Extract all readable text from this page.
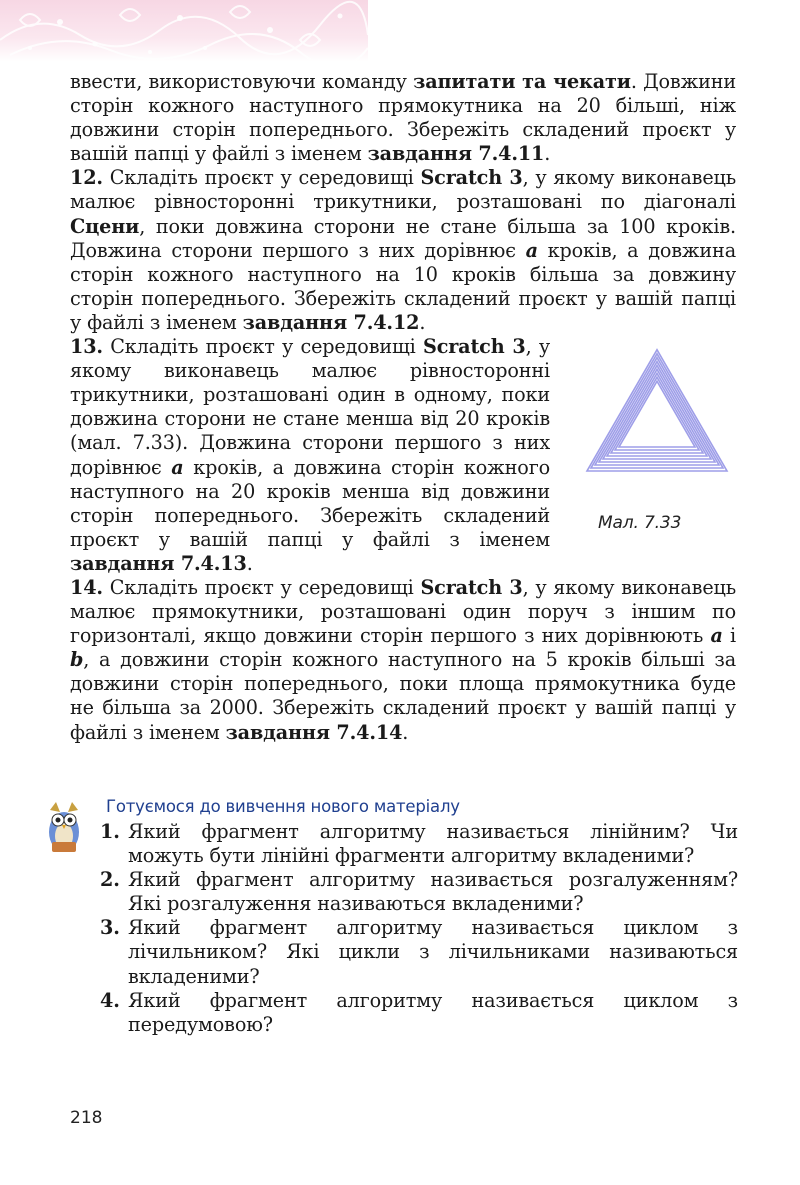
ввести, використовуючи команду запитати та чекати. Довжини сторін кожного наступного прямокутника на 20 більші, ніж довжини сторін попереднього. Збережіть складений проєкт у вашій папці у файлі з іменем завдання 7.4.11.

12. Складіть проєкт у середовищі Scratch 3, у якому виконавець малює рівносторонні трикутники, розташовані по діагоналі Сцени, поки довжина сторони не стане більша за 100 кроків. Довжина сторони першого з них дорівнює a кроків, а довжина сторін кожного наступного на 10 кроків більша за довжину сторін попереднього. Збережіть складений проєкт у вашій папці у файлі з іменем завдання 7.4.12.

Мал. 7.33

13. Складіть проєкт у середовищі Scratch 3, у якому виконавець малює рівносторонні трикутники, розташовані один в одному, поки довжина сторони не стане менша від 20 кроків (мал. 7.33). Довжина сторони першого з них дорівнює a кроків, а довжина сторін кожного наступного на 20 кроків менша від довжини сторін попереднього. Збережіть складений проєкт у вашій папці у файлі з іменем завдання 7.4.13.

14. Складіть проєкт у середовищі Scratch 3, у якому виконавець малює прямокутники, розташовані один поруч з іншим по горизонталі, якщо довжини сторін першого з них дорівнюють a і b, а довжини сторін кожного наступного на 5 кроків більші за довжини сторін попереднього, поки площа прямокутника буде не більша за 2000. Збережіть складений проєкт у вашій папці у файлі з іменем завдання 7.4.14.

Готуємося до вивчення нового матеріалу
1. Який фрагмент алгоритму називається лінійним? Чи можуть бути лінійні фрагменти алгоритму вкладеними?
2. Який фрагмент алгоритму називається розгалуженням? Які розгалуження називаються вкладеними?
3. Який фрагмент алгоритму називається циклом з лічильником? Які цикли з лічильниками називаються вкладеними?
4. Який фрагмент алгоритму називається циклом з передумовою?
218
